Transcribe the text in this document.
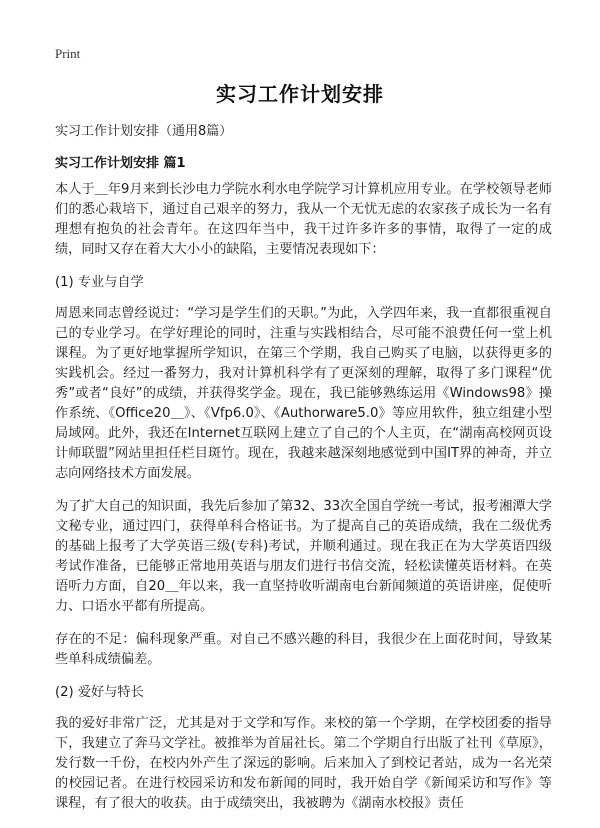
Print
实习工作计划安排
实习工作计划安排（通用8篇）
实习工作计划安排 篇1

本人于＿年9月来到长沙电力学院水利水电学院学习计算机应用专业。在学校领导老师们的悉心栽培下，通过自己艰辛的努力，我从一个无忧无虑的农家孩子成长为一名有理想有抱负的社会青年。在这四年当中，我干过许多许多的事情，取得了一定的成绩，同时又存在着大大小小的缺陷，主要情况表现如下：

(1) 专业与自学

周恩来同志曾经说过：“学习是学生们的天职。”为此，入学四年来，我一直都很重视自己的专业学习。在学好理论的同时，注重与实践相结合，尽可能不浪费任何一堂上机课程。为了更好地掌握所学知识，在第三个学期，我自己购买了电脑，以获得更多的实践机会。经过一番努力，我对计算机科学有了更深刻的理解，取得了多门课程“优秀”或者“良好”的成绩，并获得奖学金。现在，我已能够熟练运用《Windows98》操作系统、《Office20＿》、《Vfp6.0》、《Authorware5.0》等应用软件，独立组建小型局域网。此外，我还在Internet互联网上建立了自己的个人主页，在“湖南高校网页设计师联盟”网站里担任栏目斑竹。现在，我越来越深刻地感觉到中国IT界的神奇，并立志向网络技术方面发展。

为了扩大自己的知识面，我先后参加了第32、33次全国自学统一考试，报考湘潭大学文秘专业，通过四门，获得单科合格证书。为了提高自己的英语成绩，我在二级优秀的基础上报考了大学英语三级(专科)考试，并顺利通过。现在我正在为大学英语四级考试作准备，已能够正常地用英语与朋友们进行书信交流，轻松读懂英语材料。在英语听力方面，自20＿年以来，我一直坚持收听湖南电台新闻频道的英语讲座，促使听力、口语水平都有所提高。

存在的不足：偏科现象严重。对自己不感兴趣的科目，我很少在上面花时间，导致某些单科成绩偏差。

(2) 爱好与特长

我的爱好非常广泛，尤其是对于文学和写作。来校的第一个学期，在学校团委的指导下，我建立了奔马文学社。被推举为首届社长。第二个学期自行出版了社刊《草原》，发行数一千份，在校内外产生了深远的影响。后来加入了到校记者站，成为一名光荣的校园记者。在进行校园采访和发布新闻的同时，我开始自学《新闻采访和写作》等课程，有了很大的收获。由于成绩突出，我被聘为《湖南水校报》责任
